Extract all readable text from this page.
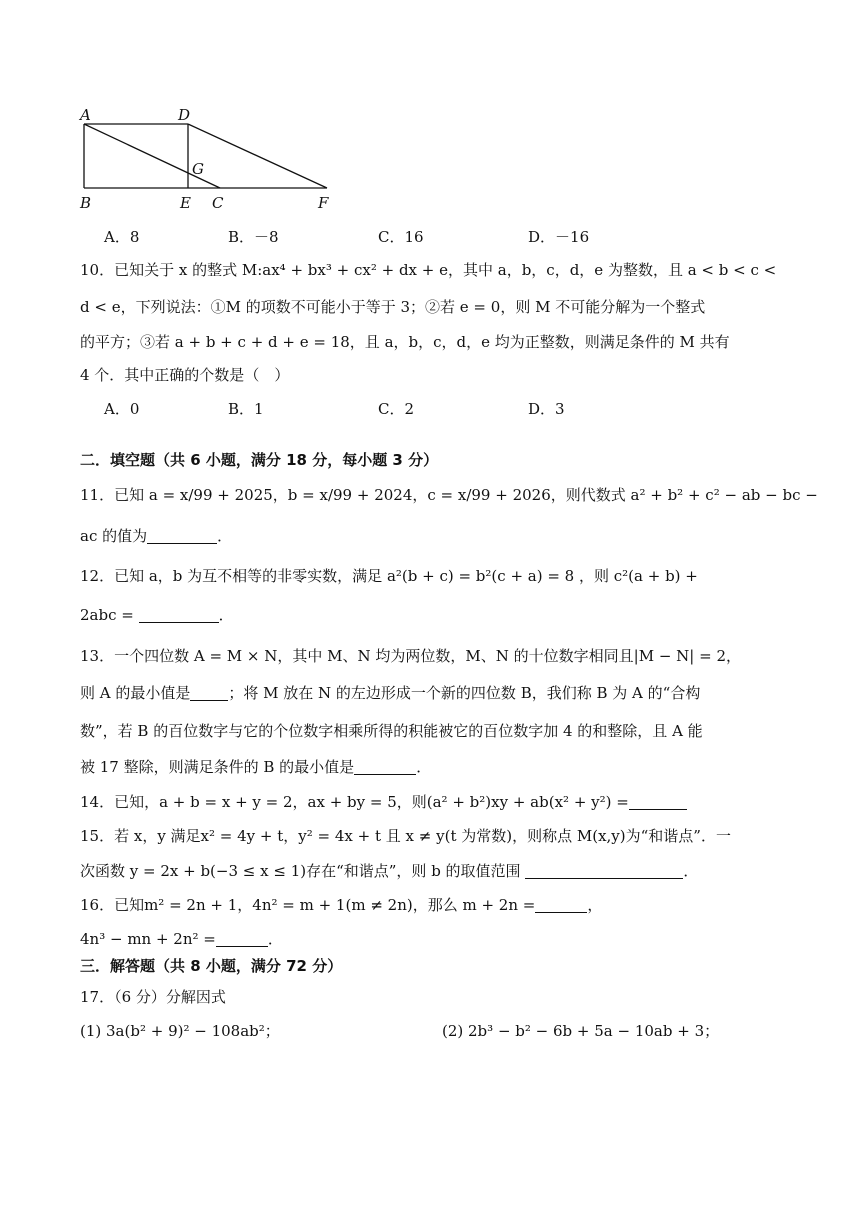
A	D
G
B	E C	F
A．8	B．－8	C．16	D．－16
10．已知关于 x 的整式 M:ax⁴ + bx³ + cx² + dx + e，其中 a，b，c，d，e 为整数，且 a < b < c <
d < e，下列说法：①M 的项数不可能小于等于 3；②若 e = 0，则 M 不可能分解为一个整式
的平方；③若 a + b + c + d + e = 18，且 a，b，c，d，e 均为正整数，则满足条件的 M 共有
4 个．其中正确的个数是（　）
A．0	B．1	C．2	D．3
二．填空题（共 6 小题，满分 18 分，每小题 3 分）
11．已知 a = x/99 + 2025，b = x/99 + 2024，c = x/99 + 2026，则代数式 a² + b² + c² − ab − bc −
ac 的值为	．
12．已知 a，b 为互不相等的非零实数，满足 a²(b + c) = b²(c + a) = 8 ，则 c²(a + b) +
2abc =	．
13．一个四位数 A = M × N，其中 M、N 均为两位数，M、N 的十位数字相同且|M − N| = 2，
则 A 的最小值是	；将 M 放在 N 的左边形成一个新的四位数 B，我们称 B 为 A 的“合构
数”，若 B 的百位数字与它的个位数字相乘所得的积能被它的百位数字加 4 的和整除，且 A 能
被 17 整除，则满足条件的 B 的最小值是	．
14．已知，a + b = x + y = 2，ax + by = 5，则(a² + b²)xy + ab(x² + y²) =
15．若 x，y 满足x² = 4y + t，y² = 4x + t 且 x ≠ y(t 为常数)，则称点 M(x,y)为“和谐点”．一
次函数 y = 2x + b(−3 ≤ x ≤ 1)存在“和谐点”，则 b 的取值范围	．
16．已知m² = 2n + 1，4n² = m + 1(m ≠ 2n)，那么 m + 2n =	，
4n³ − mn + 2n² =	．
三．解答题（共 8 小题，满分 72 分）
17．（6 分）分解因式
(1) 3a(b² + 9)² − 108ab²；	(2) 2b³ − b² − 6b + 5a − 10ab + 3；
